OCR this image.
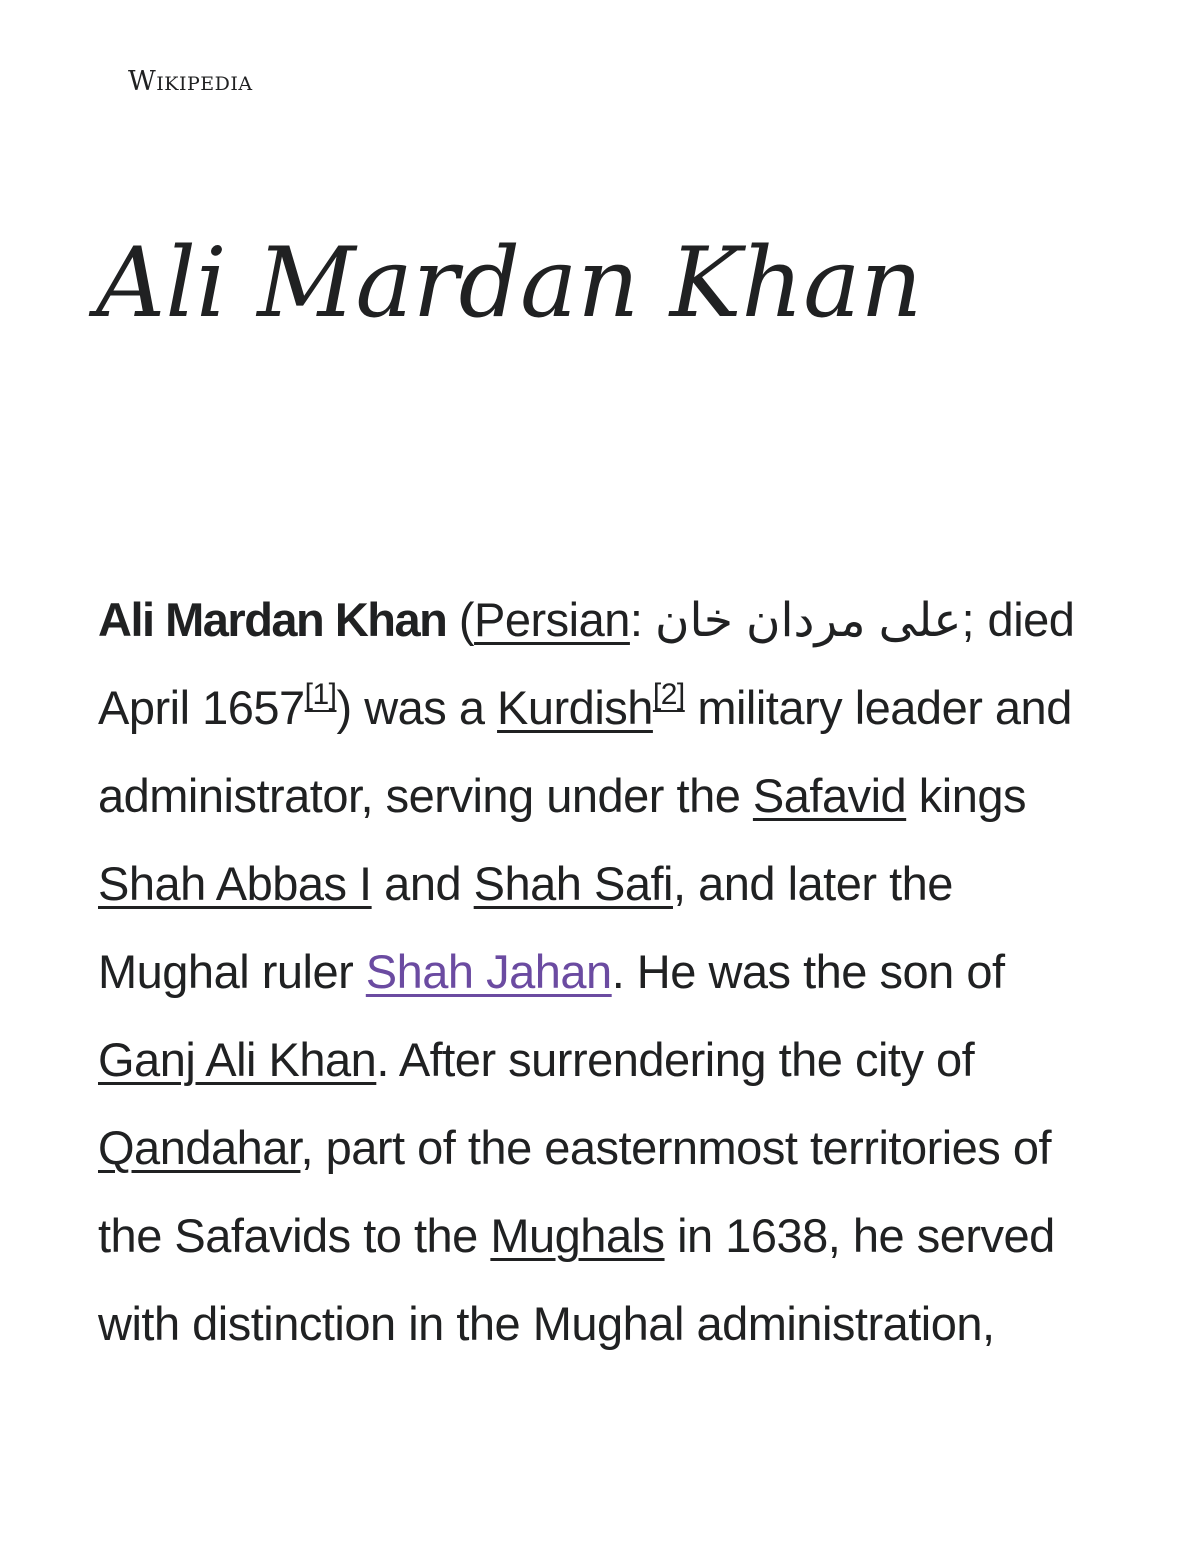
Wikipedia
Ali Mardan Khan

Ali Mardan Khan (Persian: علی مردان خان; died April 1657[1]) was a Kurdish[2] military leader and administrator, serving under the Safavid kings Shah Abbas I and Shah Safi, and later the Mughal ruler Shah Jahan. He was the son of Ganj Ali Khan. After surrendering the city of Qandahar, part of the easternmost territories of the Safavids to the Mughals in 1638, he served with distinction in the Mughal administration,
